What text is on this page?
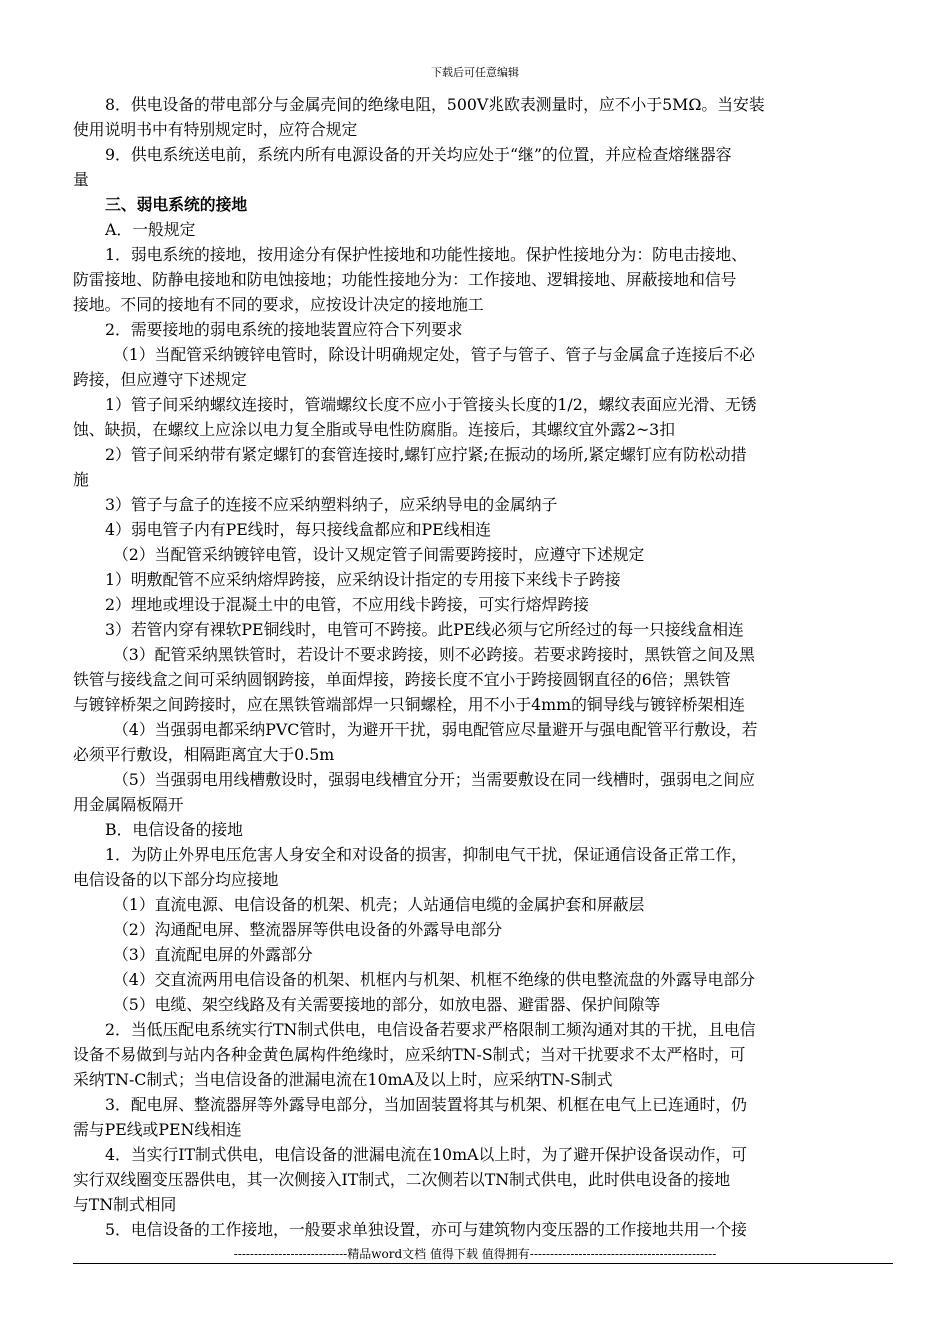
下载后可任意编辑

8．供电设备的带电部分与金属壳间的绝缘电阻，500V兆欧表测量时，应不小于5MΩ。当安装

使用说明书中有特别规定时，应符合规定

9．供电系统送电前，系统内所有电源设备的开关均应处于“继”的位置，并应检查熔继器容

量

三、弱电系统的接地

A．一般规定

1．弱电系统的接地，按用途分有保护性接地和功能性接地。保护性接地分为：防电击接地、

防雷接地、防静电接地和防电蚀接地；功能性接地分为：工作接地、逻辑接地、屏蔽接地和信号

接地。不同的接地有不同的要求，应按设计决定的接地施工

2．需要接地的弱电系统的接地装置应符合下列要求

（1）当配管采纳镀锌电管时，除设计明确规定处，管子与管子、管子与金属盒子连接后不必

跨接，但应遵守下述规定

1）管子间采纳螺纹连接时，管端螺纹长度不应小于管接头长度的1/2，螺纹表面应光滑、无锈

蚀、缺损，在螺纹上应涂以电力复全脂或导电性防腐脂。连接后，其螺纹宜外露2~3扣

2）管子间采纳带有紧定螺钉的套管连接时,螺钉应拧紧;在振动的场所,紧定螺钉应有防松动措

施

3）管子与盒子的连接不应采纳塑料纳子，应采纳导电的金属纳子

4）弱电管子内有PE线时，每只接线盒都应和PE线相连

（2）当配管采纳镀锌电管，设计又规定管子间需要跨接时，应遵守下述规定

1）明敷配管不应采纳熔焊跨接，应采纳设计指定的专用接下来线卡子跨接

2）埋地或埋设于混凝土中的电管，不应用线卡跨接，可实行熔焊跨接

3）若管内穿有裸软PE铜线时，电管可不跨接。此PE线必须与它所经过的每一只接线盒相连

（3）配管采纳黑铁管时，若设计不要求跨接，则不必跨接。若要求跨接时，黑铁管之间及黑

铁管与接线盒之间可采纳圆钢跨接，单面焊接，跨接长度不宜小于跨接圆钢直径的6倍；黑铁管

与镀锌桥架之间跨接时，应在黑铁管端部焊一只铜螺栓，用不小于4mm的铜导线与镀锌桥架相连

（4）当强弱电都采纳PVC管时，为避开干扰，弱电配管应尽量避开与强电配管平行敷设，若

必须平行敷设，相隔距离宜大于0.5m

（5）当强弱电用线槽敷设时，强弱电线槽宜分开；当需要敷设在同一线槽时，强弱电之间应

用金属隔板隔开

B．电信设备的接地

1．为防止外界电压危害人身安全和对设备的损害，抑制电气干扰，保证通信设备正常工作，

电信设备的以下部分均应接地

（1）直流电源、电信设备的机架、机壳；人站通信电缆的金属护套和屏蔽层

（2）沟通配电屏、整流器屏等供电设备的外露导电部分

（3）直流配电屏的外露部分

（4）交直流两用电信设备的机架、机框内与机架、机框不绝缘的供电整流盘的外露导电部分

（5）电缆、架空线路及有关需要接地的部分，如放电器、避雷器、保护间隙等

2．当低压配电系统实行TN制式供电，电信设备若要求严格限制工频沟通对其的干扰，且电信

设备不易做到与站内各种金黄色属构件绝缘时，应采纳TN-S制式；当对干扰要求不太严格时，可

采纳TN-C制式；当电信设备的泄漏电流在10mA及以上时，应采纳TN-S制式

3．配电屏、整流器屏等外露导电部分，当加固装置将其与机架、机框在电气上已连通时，仍

需与PE线或PEN线相连

4．当实行IT制式供电，电信设备的泄漏电流在10mA以上时，为了避开保护设备误动作，可

实行双线圈变压器供电，其一次侧接入IT制式，二次侧若以TN制式供电，此时供电设备的接地

与TN制式相同

5．电信设备的工作接地，一般要求单独设置，亦可与建筑物内变压器的工作接地共用一个接

----------------------------精品word文档 值得下载 值得拥有----------------------------------------------
